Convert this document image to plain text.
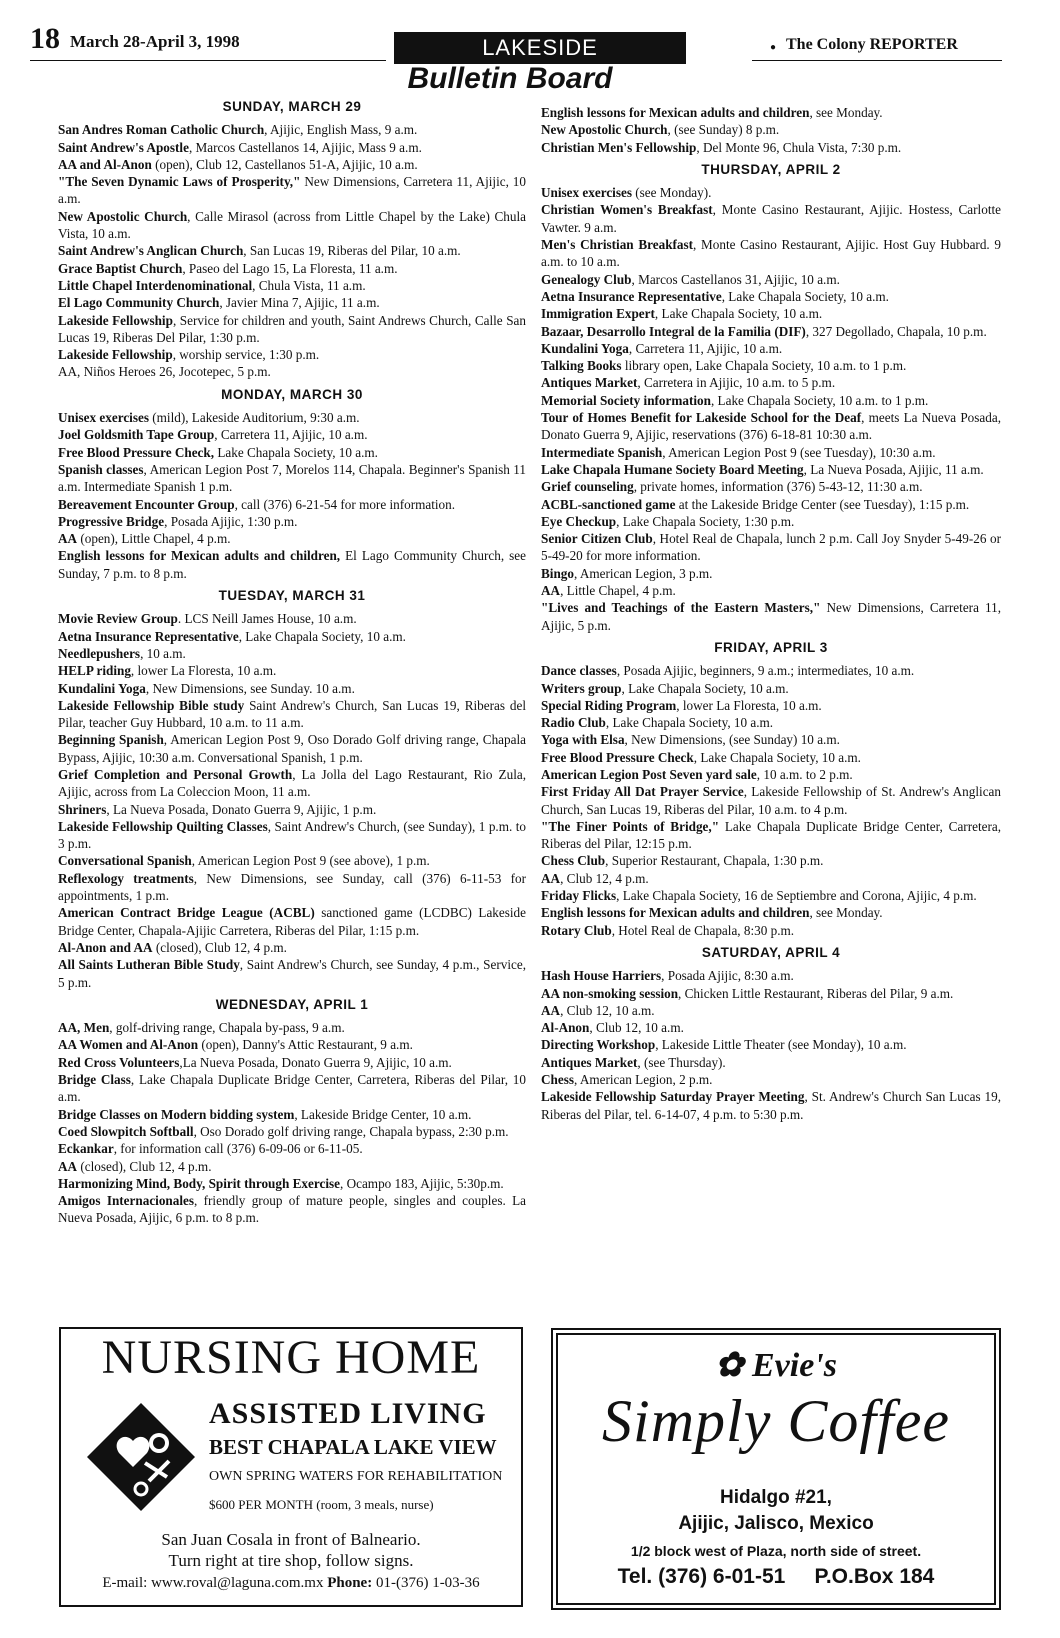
18 March 28-April 3, 1998	LAKESIDE	● The Colony REPORTER
Bulletin Board
SUNDAY, MARCH 29
San Andres Roman Catholic Church, Ajijic, English Mass, 9 a.m.
Saint Andrew's Apostle, Marcos Castellanos 14, Ajijic, Mass 9 a.m.
AA and Al-Anon (open), Club 12, Castellanos 51-A, Ajijic, 10 a.m.
"The Seven Dynamic Laws of Prosperity," New Dimensions, Carretera 11, Ajijic, 10 a.m.
New Apostolic Church, Calle Mirasol (across from Little Chapel by the Lake) Chula Vista, 10 a.m.
Saint Andrew's Anglican Church, San Lucas 19, Riberas del Pilar, 10 a.m.
Grace Baptist Church, Paseo del Lago 15, La Floresta, 11 a.m.
Little Chapel Interdenominational, Chula Vista, 11 a.m.
El Lago Community Church, Javier Mina 7, Ajijic, 11 a.m.
Lakeside Fellowship, Service for children and youth, Saint Andrews Church, Calle San Lucas 19, Riberas Del Pilar, 1:30 p.m.
Lakeside Fellowship, worship service, 1:30 p.m.
AA, Niños Heroes 26, Jocotepec, 5 p.m.
MONDAY, MARCH 30
Unisex exercises (mild), Lakeside Auditorium, 9:30 a.m.
Joel Goldsmith Tape Group, Carretera 11, Ajijic, 10 a.m.
Free Blood Pressure Check, Lake Chapala Society, 10 a.m.
Spanish classes, American Legion Post 7, Morelos 114, Chapala. Beginner's Spanish 11 a.m. Intermediate Spanish 1 p.m.
Bereavement Encounter Group, call (376) 6-21-54 for more information.
Progressive Bridge, Posada Ajijic, 1:30 p.m.
AA (open), Little Chapel, 4 p.m.
English lessons for Mexican adults and children, El Lago Community Church, see Sunday, 7 p.m. to 8 p.m.
TUESDAY, MARCH 31
Movie Review Group. LCS Neill James House, 10 a.m.
Aetna Insurance Representative, Lake Chapala Society, 10 a.m.
Needlepushers, 10 a.m.
HELP riding, lower La Floresta, 10 a.m.
Kundalini Yoga, New Dimensions, see Sunday. 10 a.m.
Lakeside Fellowship Bible study Saint Andrew's Church, San Lucas 19, Riberas del Pilar, teacher Guy Hubbard, 10 a.m. to 11 a.m.
Beginning Spanish, American Legion Post 9, Oso Dorado Golf driving range, Chapala Bypass, Ajijic, 10:30 a.m. Conversational Spanish, 1 p.m.
Grief Completion and Personal Growth, La Jolla del Lago Restaurant, Rio Zula, Ajijic, across from La Coleccion Moon, 11 a.m.
Shriners, La Nueva Posada, Donato Guerra 9, Ajijic, 1 p.m.
Lakeside Fellowship Quilting Classes, Saint Andrew's Church, (see Sunday), 1 p.m. to 3 p.m.
Conversational Spanish, American Legion Post 9 (see above), 1 p.m.
Reflexology treatments, New Dimensions, see Sunday, call (376) 6-11-53 for appointments, 1 p.m.
American Contract Bridge League (ACBL) sanctioned game (LCDBC) Lakeside Bridge Center, Chapala-Ajijic Carretera, Riberas del Pilar, 1:15 p.m.
Al-Anon and AA (closed), Club 12, 4 p.m.
All Saints Lutheran Bible Study, Saint Andrew's Church, see Sunday, 4 p.m., Service, 5 p.m.
WEDNESDAY, APRIL 1
AA, Men, golf-driving range, Chapala by-pass, 9 a.m.
AA Women and Al-Anon (open), Danny's Attic Restaurant, 9 a.m.
Red Cross Volunteers,La Nueva Posada, Donato Guerra 9, Ajijic, 10 a.m.
Bridge Class, Lake Chapala Duplicate Bridge Center, Carretera, Riberas del Pilar, 10 a.m.
Bridge Classes on Modern bidding system, Lakeside Bridge Center, 10 a.m.
Coed Slowpitch Softball, Oso Dorado golf driving range, Chapala bypass, 2:30 p.m.
Eckankar, for information call (376) 6-09-06 or 6-11-05.
AA (closed), Club 12, 4 p.m.
Harmonizing Mind, Body, Spirit through Exercise, Ocampo 183, Ajijic, 5:30p.m.
Amigos Internacionales, friendly group of mature people, singles and couples. La Nueva Posada, Ajijic, 6 p.m. to 8 p.m.
English lessons for Mexican adults and children, see Monday.
New Apostolic Church, (see Sunday) 8 p.m.
Christian Men's Fellowship, Del Monte 96, Chula Vista, 7:30 p.m.
THURSDAY, APRIL 2
Unisex exercises (see Monday).
Christian Women's Breakfast, Monte Casino Restaurant, Ajijic. Hostess, Carlotte Vawter. 9 a.m.
Men's Christian Breakfast, Monte Casino Restaurant, Ajijic. Host Guy Hubbard. 9 a.m. to 10 a.m.
Genealogy Club, Marcos Castellanos 31, Ajijic, 10 a.m.
Aetna Insurance Representative, Lake Chapala Society, 10 a.m.
Immigration Expert, Lake Chapala Society, 10 a.m.
Bazaar, Desarrollo Integral de la Familia (DIF), 327 Degollado, Chapala, 10 p.m.
Kundalini Yoga, Carretera 11, Ajijic, 10 a.m.
Talking Books library open, Lake Chapala Society, 10 a.m. to 1 p.m.
Antiques Market, Carretera in Ajijic, 10 a.m. to 5 p.m.
Memorial Society information, Lake Chapala Society, 10 a.m. to 1 p.m.
Tour of Homes Benefit for Lakeside School for the Deaf, meets La Nueva Posada, Donato Guerra 9, Ajijic, reservations (376) 6-18-81 10:30 a.m.
Intermediate Spanish, American Legion Post 9 (see Tuesday), 10:30 a.m.
Lake Chapala Humane Society Board Meeting, La Nueva Posada, Ajijic, 11 a.m.
Grief counseling, private homes, information (376) 5-43-12, 11:30 a.m.
ACBL-sanctioned game at the Lakeside Bridge Center (see Tuesday), 1:15 p.m.
Eye Checkup, Lake Chapala Society, 1:30 p.m.
Senior Citizen Club, Hotel Real de Chapala, lunch 2 p.m. Call Joy Snyder 5-49-26 or 5-49-20 for more information.
Bingo, American Legion, 3 p.m.
AA, Little Chapel, 4 p.m.
"Lives and Teachings of the Eastern Masters," New Dimensions, Carretera 11, Ajijic, 5 p.m.
FRIDAY, APRIL 3
Dance classes, Posada Ajijic, beginners, 9 a.m.; intermediates, 10 a.m.
Writers group, Lake Chapala Society, 10 a.m.
Special Riding Program, lower La Floresta, 10 a.m.
Radio Club, Lake Chapala Society, 10 a.m.
Yoga with Elsa, New Dimensions, (see Sunday) 10 a.m.
Free Blood Pressure Check, Lake Chapala Society, 10 a.m.
American Legion Post Seven yard sale, 10 a.m. to 2 p.m.
First Friday All Dat Prayer Service, Lakeside Fellowship of St. Andrew's Anglican Church, San Lucas 19, Riberas del Pilar, 10 a.m. to 4 p.m.
"The Finer Points of Bridge," Lake Chapala Duplicate Bridge Center, Carretera, Riberas del Pilar, 12:15 p.m.
Chess Club, Superior Restaurant, Chapala, 1:30 p.m.
AA, Club 12, 4 p.m.
Friday Flicks, Lake Chapala Society, 16 de Septiembre and Corona, Ajijic, 4 p.m.
English lessons for Mexican adults and children, see Monday.
Rotary Club, Hotel Real de Chapala, 8:30 p.m.
SATURDAY, APRIL 4
Hash House Harriers, Posada Ajijic, 8:30 a.m.
AA non-smoking session, Chicken Little Restaurant, Riberas del Pilar, 9 a.m.
AA, Club 12, 10 a.m.
Al-Anon, Club 12, 10 a.m.
Directing Workshop, Lakeside Little Theater (see Monday), 10 a.m.
Antiques Market, (see Thursday).
Chess, American Legion, 2 p.m.
Lakeside Fellowship Saturday Prayer Meeting, St. Andrew's Church San Lucas 19, Riberas del Pilar, tel. 6-14-07, 4 p.m. to 5:30 p.m.
NURSING HOME
ASSISTED LIVING
BEST CHAPALA LAKE VIEW
OWN SPRING WATERS FOR REHABILITATION
$600 PER MONTH (room, 3 meals, nurse)
San Juan Cosala in front of Balneario.
Turn right at tire shop, follow signs.
E-mail: www.roval@laguna.com.mx Phone: 01-(376) 1-03-36
✿ Evie's
Simply Coffee
Hidalgo #21,
Ajijic, Jalisco, Mexico
1/2 block west of Plaza, north side of street.
Tel. (376) 6-01-51 P.O.Box 184
